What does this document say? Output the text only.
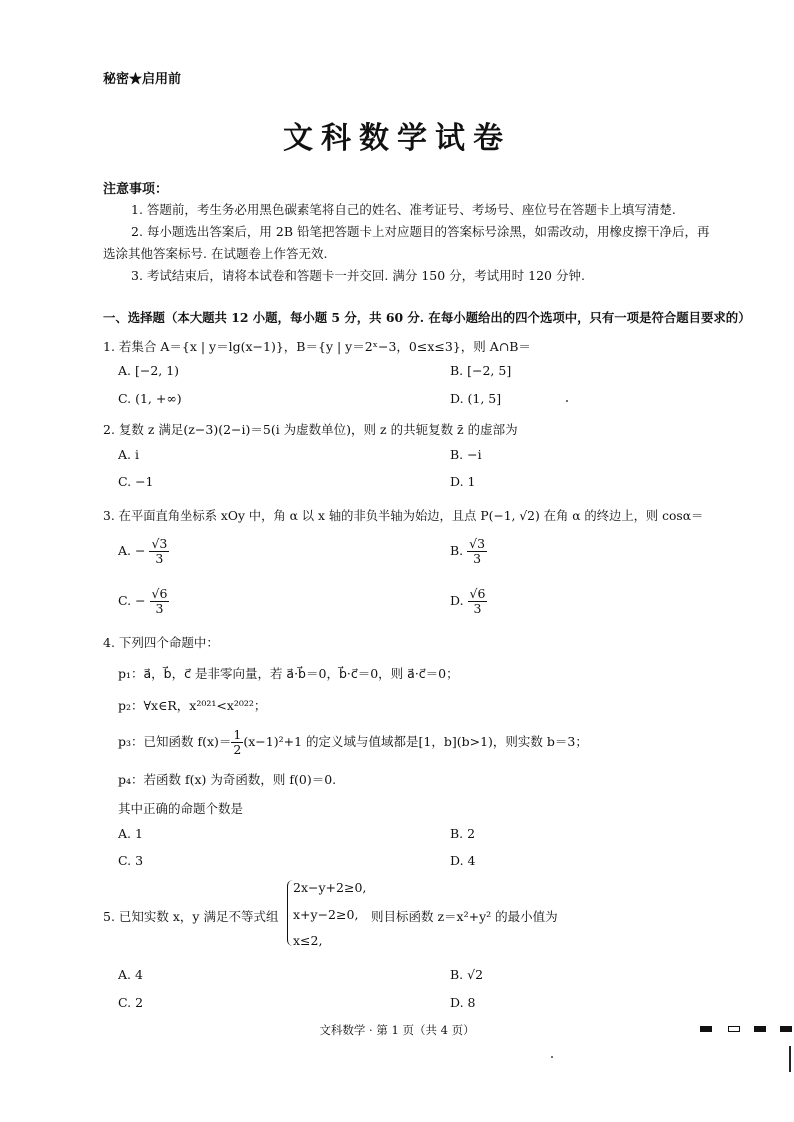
秘密★启用前
文科数学试卷
注意事项：
1. 答题前，考生务必用黑色碳素笔将自己的姓名、准考证号、考场号、座位号在答题卡上填写清楚.
2. 每小题选出答案后，用 2B 铅笔把答题卡上对应题目的答案标号涂黑，如需改动，用橡皮擦干净后，再
选涂其他答案标号. 在试题卷上作答无效.
3. 考试结束后，请将本试卷和答题卡一并交回. 满分 150 分，考试用时 120 分钟.
一、选择题（本大题共 12 小题，每小题 5 分，共 60 分. 在每小题给出的四个选项中，只有一项是符合题目要求的）
1. 若集合 A＝{x | y＝lg(x−1)}，B＝{y | y＝2ˣ−3，0≤x≤3}，则 A∩B＝
A. [−2, 1)	B. [−2, 5]
C. (1, +∞)	D. (1, 5]
2. 复数 z 满足(z−3)(2−i)＝5(i 为虚数单位)，则 z 的共轭复数 z̄ 的虚部为
A. i	B. −i
C. −1	D. 1
3. 在平面直角坐标系 xOy 中，角 α 以 x 轴的非负半轴为始边，且点 P(−1, √2) 在角 α 的终边上，则 cosα＝
A. − $\frac{√3}{3}$	B. $\frac{√3}{3}$
C. − $\frac{√6}{3}$	D. $\frac{√6}{3}$
4. 下列四个命题中：
p₁：a⃗，b⃗，c⃗ 是非零向量，若 a⃗·b⃗＝0，b⃗·c⃗＝0，则 a⃗·c⃗＝0；
p₂：∀x∈R，x²⁰²¹<x²⁰²²；
p₃：已知函数 $f(x)= \frac{1}{2} (x-1)^2+1$ 的定义域与值域都是[1，b](b>1)，则实数 b＝3；
p₄：若函数 f(x) 为奇函数，则 f(0)＝0.
其中正确的命题个数是
A. 1	B. 2
C. 3	D. 4
5. 已知实数 x，y 满足不等式组
2x−y+2≥0,
x+y−2≥0,
x≤2,
则目标函数 z＝x²+y² 的最小值为
A. 4	B. √2
C. 2	D. 8
文科数学 · 第 1 页（共 4 页）
